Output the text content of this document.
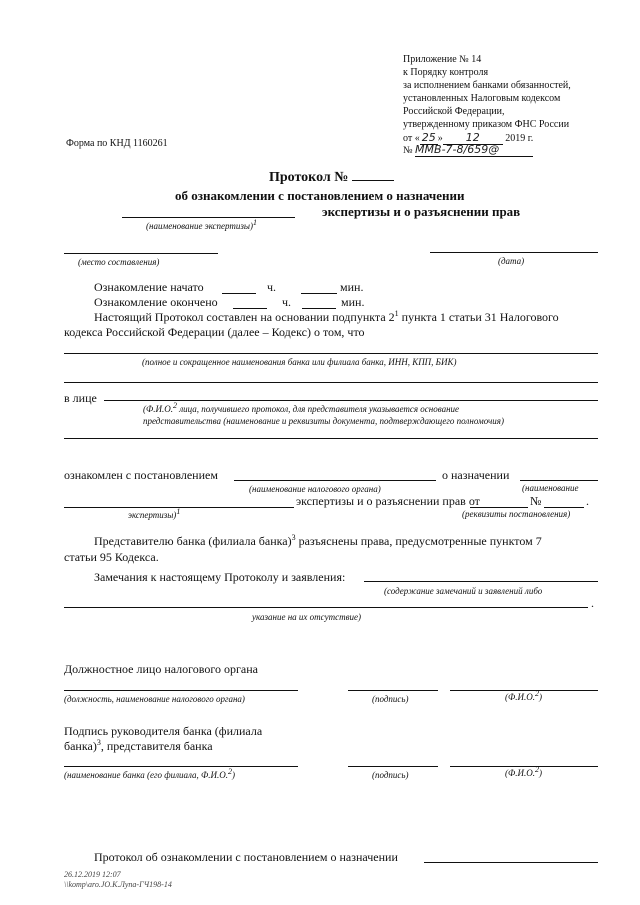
Приложение № 14
к Порядку контроля
за исполнением банками обязанностей,
установленных Налоговым кодексом
Российской Федерации,
утвержденному приказом ФНС России
от « 25 » 12	2019 г.
№ ММВ-7-8/659@
Форма по КНД 1160261
Протокол №
об ознакомлении с постановлением о назначении
экспертизы и о разъяснении прав
(наименование экспертизы)$^1$
(место составления)	(дата)
Ознакомление начато	ч.	мин.
Ознакомление окончено	ч.	мин.
Настоящий Протокол составлен на основании подпункта $2^1$ пункта 1 статьи 31 Налогового
кодекса Российской Федерации (далее – Кодекс) о том, что
(полное и сокращенное наименования банка или филиала банка, ИНН, КПП, БИК)
в лице
(Ф.И.О.$^2$ лица, получившего протокол, для представителя указывается основание
представительства (наименование и реквизиты документа, подтверждающего полномочия)
ознакомлен с постановлением	о назначении
(наименование налогового органа)	(наименование
экспертизы и о разъяснении прав от	№	.
экспертизы)$^1$	(реквизиты постановления)
Представителю банка (филиала банка)$^3$ разъяснены права, предусмотренные пунктом 7
статьи 95 Кодекса.
Замечания к настоящему Протоколу и заявления:
(содержание замечаний и заявлений либо
.
указание на их отсутствие)
Должностное лицо налогового органа
(должность, наименование налогового органа)	(подпись)	(Ф.И.О.$^2$)
Подпись руководителя банка (филиала
банка)$^3$, представителя банка
(наименование банка (его филиала, Ф.И.О.$^2$)	(подпись)	(Ф.И.О.$^2$)
Протокол об ознакомлении с постановлением о назначении
26.12.2019 12:07
\\komp\aro.JO.К.Лупа-ГЧ198-14
